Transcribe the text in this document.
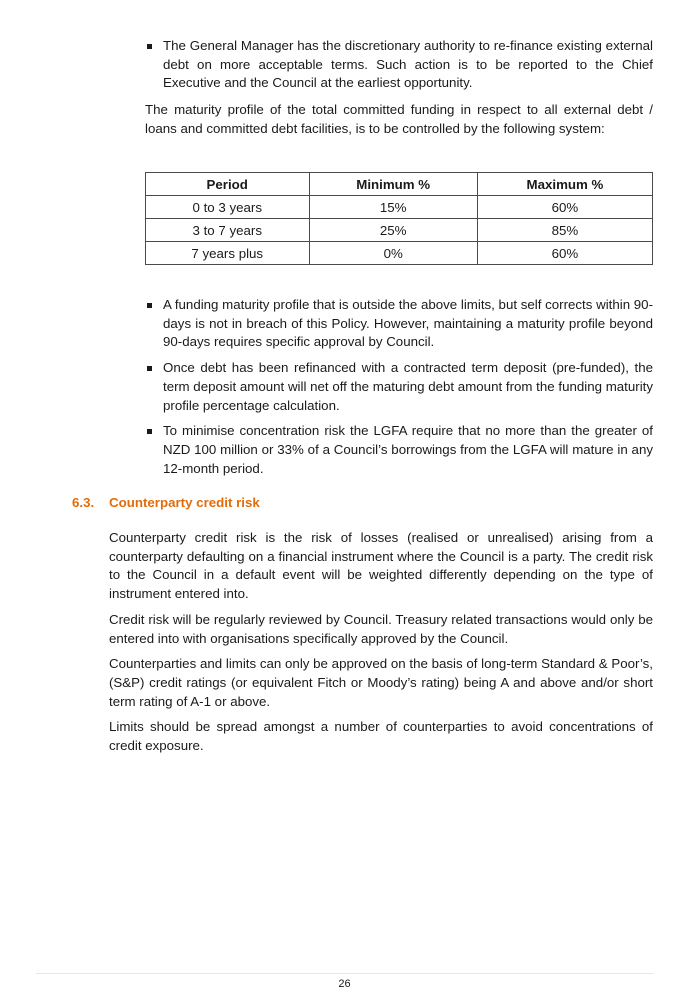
The General Manager has the discretionary authority to re-finance existing external debt on more acceptable terms. Such action is to be reported to the Chief Executive and the Council at the earliest opportunity.

The maturity profile of the total committed funding in respect to all external debt / loans and committed debt facilities, is to be controlled by the following system:

Period	Minimum %	Maximum %
0 to 3 years	15%	60%
3 to 7 years	25%	85%
7 years plus	0%	60%
A funding maturity profile that is outside the above limits, but self corrects within 90-days is not in breach of this Policy. However, maintaining a maturity profile beyond 90-days requires specific approval by Council.
Once debt has been refinanced with a contracted term deposit (pre-funded), the term deposit amount will net off the maturing debt amount from the funding maturity profile percentage calculation.
To minimise concentration risk the LGFA require that no more than the greater of NZD 100 million or 33% of a Council’s borrowings from the LGFA will mature in any 12-month period.
6.3. Counterparty credit risk

Counterparty credit risk is the risk of losses (realised or unrealised) arising from a counterparty defaulting on a financial instrument where the Council is a party. The credit risk to the Council in a default event will be weighted differently depending on the type of instrument entered into.

Credit risk will be regularly reviewed by Council. Treasury related transactions would only be entered into with organisations specifically approved by the Council.

Counterparties and limits can only be approved on the basis of long-term Standard & Poor’s, (S&P) credit ratings (or equivalent Fitch or Moody’s rating) being A and above and/or short term rating of A-1 or above.

Limits should be spread amongst a number of counterparties to avoid concentrations of credit exposure.

26
